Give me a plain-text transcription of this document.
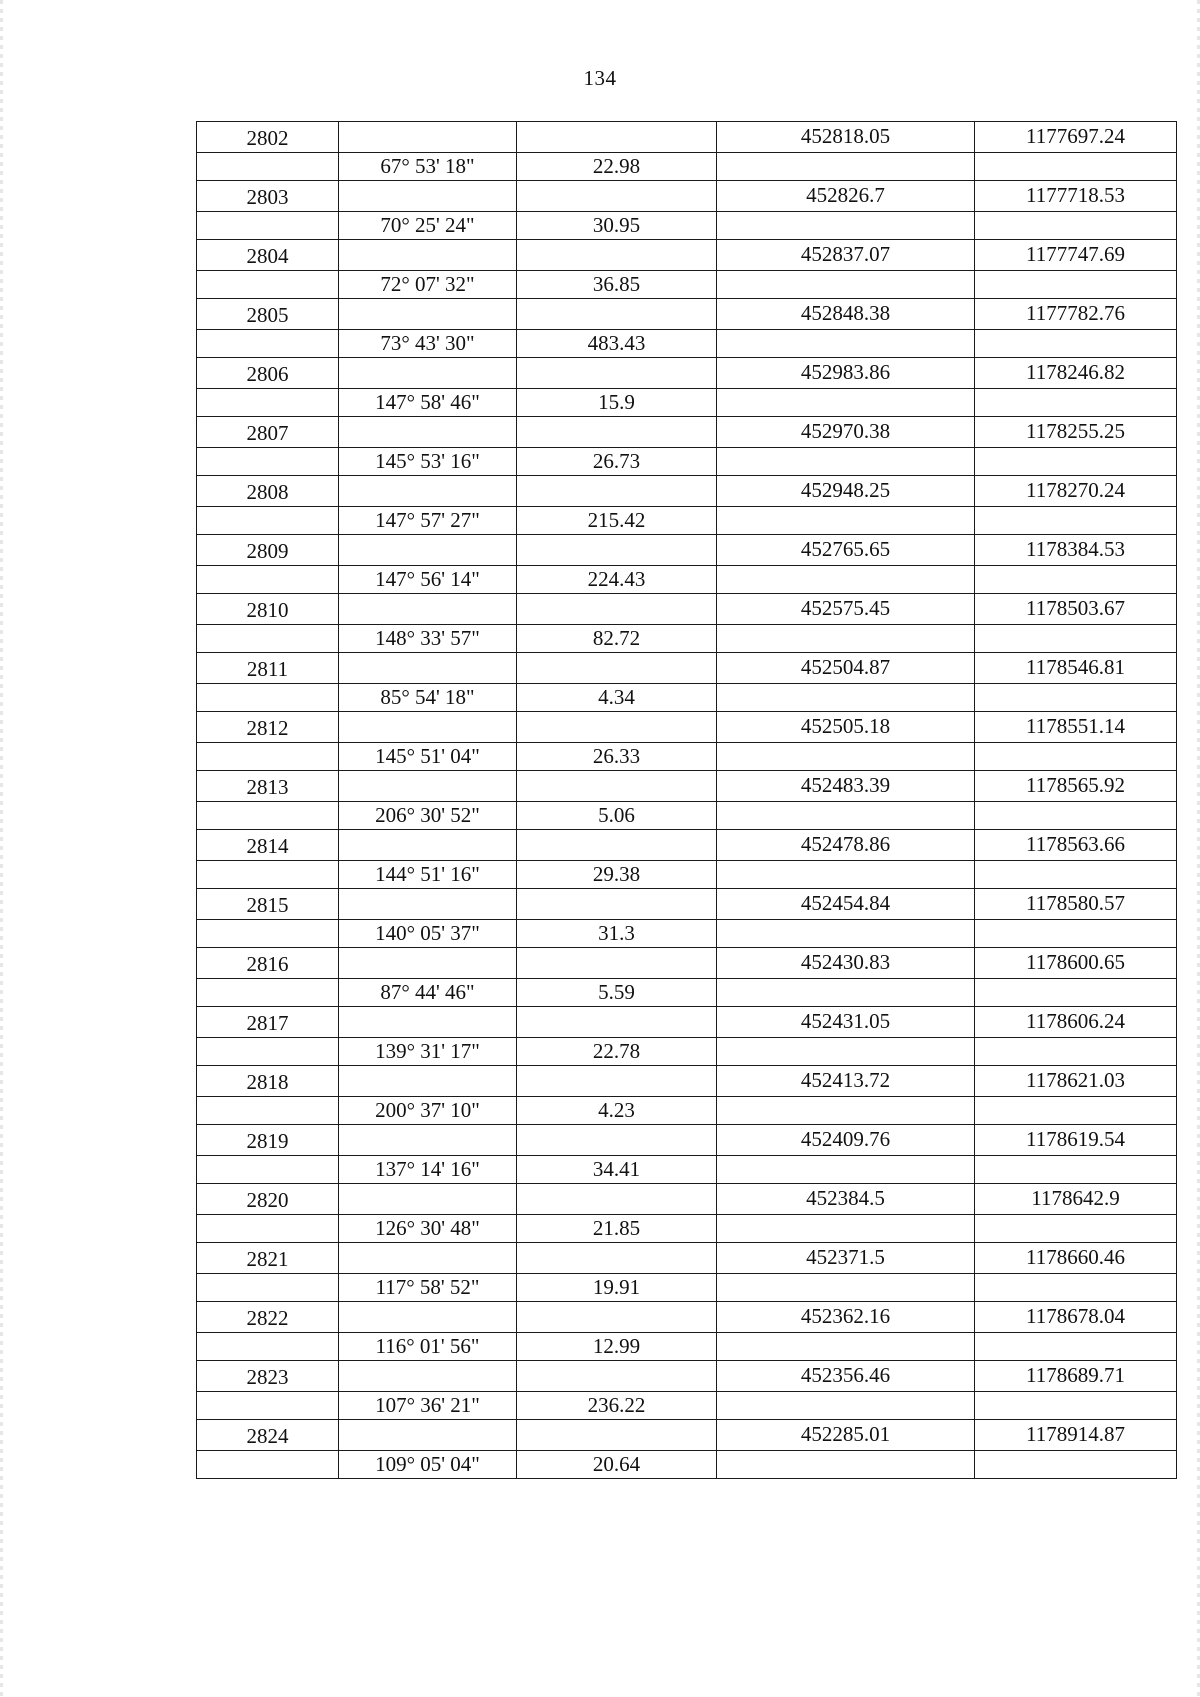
134
2802			452818.05	1177697.24
	67° 53' 18"	22.98		
2803			452826.7	1177718.53
	70° 25' 24"	30.95		
2804			452837.07	1177747.69
	72° 07' 32"	36.85		
2805			452848.38	1177782.76
	73° 43' 30"	483.43		
2806			452983.86	1178246.82
	147° 58' 46"	15.9		
2807			452970.38	1178255.25
	145° 53' 16"	26.73		
2808			452948.25	1178270.24
	147° 57' 27"	215.42		
2809			452765.65	1178384.53
	147° 56' 14"	224.43		
2810			452575.45	1178503.67
	148° 33' 57"	82.72		
2811			452504.87	1178546.81
	85° 54' 18"	4.34		
2812			452505.18	1178551.14
	145° 51' 04"	26.33		
2813			452483.39	1178565.92
	206° 30' 52"	5.06		
2814			452478.86	1178563.66
	144° 51' 16"	29.38		
2815			452454.84	1178580.57
	140° 05' 37"	31.3		
2816			452430.83	1178600.65
	87° 44' 46"	5.59		
2817			452431.05	1178606.24
	139° 31' 17"	22.78		
2818			452413.72	1178621.03
	200° 37' 10"	4.23		
2819			452409.76	1178619.54
	137° 14' 16"	34.41		
2820			452384.5	1178642.9
	126° 30' 48"	21.85		
2821			452371.5	1178660.46
	117° 58' 52"	19.91		
2822			452362.16	1178678.04
	116° 01' 56"	12.99		
2823			452356.46	1178689.71
	107° 36' 21"	236.22		
2824			452285.01	1178914.87
	109° 05' 04"	20.64		
